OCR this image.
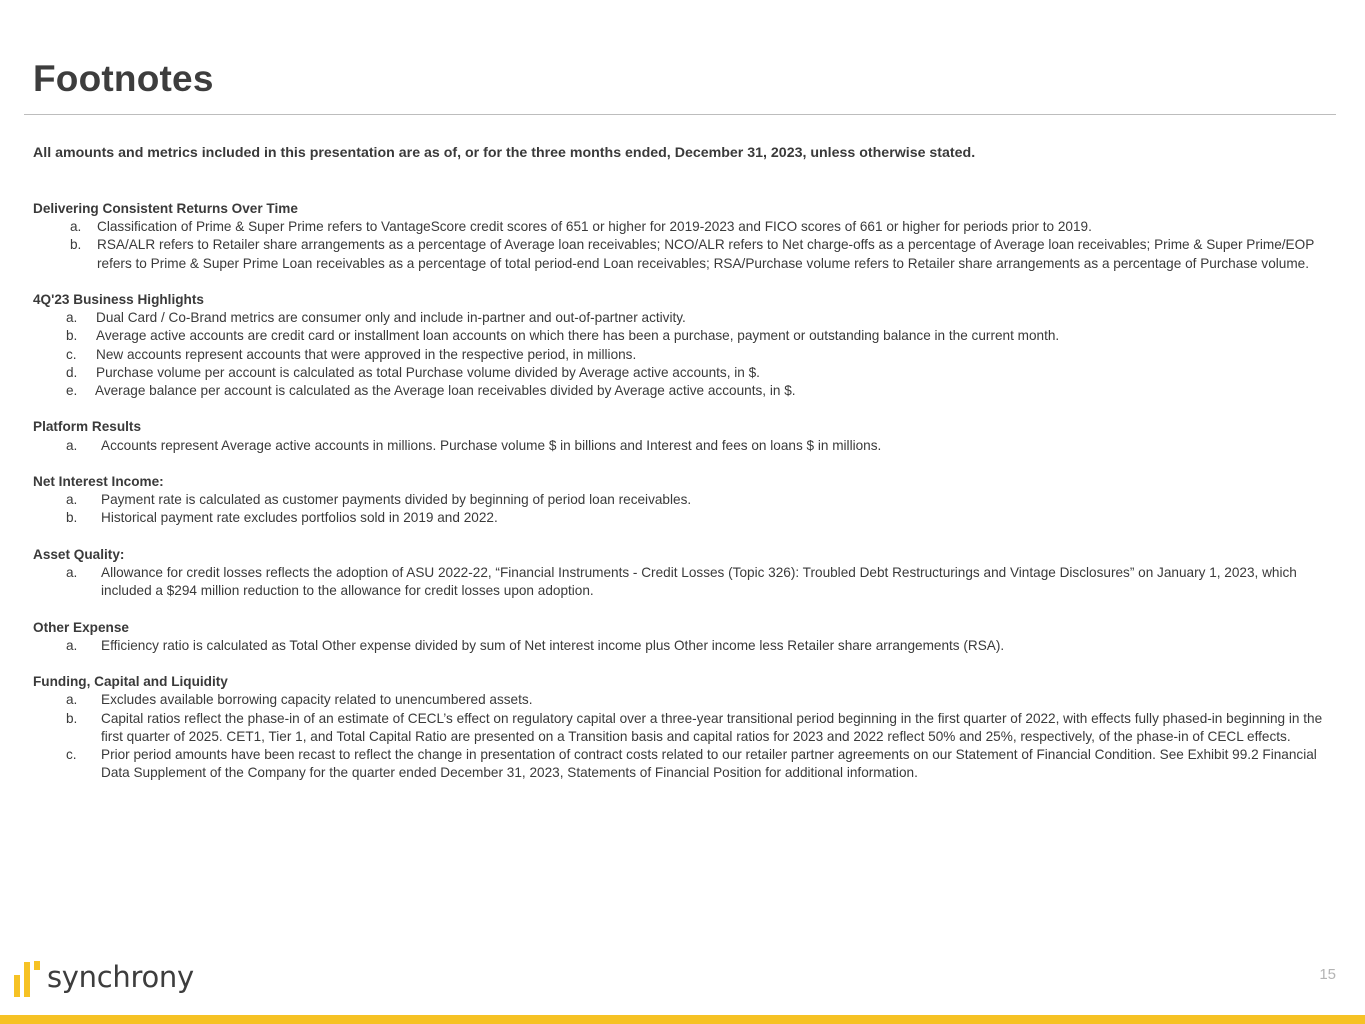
Footnotes
All amounts and metrics included in this presentation are as of, or for the three months ended, December 31, 2023, unless otherwise stated.
Delivering Consistent Returns Over Time
a.	Classification of Prime & Super Prime refers to VantageScore credit scores of 651 or higher for 2019-2023 and FICO scores of 661 or higher for periods prior to 2019.
b.	RSA/ALR refers to Retailer share arrangements as a percentage of Average loan receivables; NCO/ALR refers to Net charge-offs as a percentage of Average loan receivables; Prime & Super Prime/EOP refers to Prime & Super Prime Loan receivables as a percentage of total period-end Loan receivables; RSA/Purchase volume refers to Retailer share arrangements as a percentage of Purchase volume.
4Q'23 Business Highlights
a.	Dual Card / Co-Brand metrics are consumer only and include in-partner and out-of-partner activity.
b.	Average active accounts are credit card or installment loan accounts on which there has been a purchase, payment or outstanding balance in the current month.
c.	New accounts represent accounts that were approved in the respective period, in millions.
d.	Purchase volume per account is calculated as total Purchase volume divided by Average active accounts, in $.
e.	Average balance per account is calculated as the Average loan receivables divided by Average active accounts, in $.
Platform Results
a.	Accounts represent Average active accounts in millions. Purchase volume $ in billions and Interest and fees on loans $ in millions.
Net Interest Income:
a.	Payment rate is calculated as customer payments divided by beginning of period loan receivables.
b.	Historical payment rate excludes portfolios sold in 2019 and 2022.
Asset Quality:
a.	Allowance for credit losses reflects the adoption of ASU 2022-22, “Financial Instruments - Credit Losses (Topic 326): Troubled Debt Restructurings and Vintage Disclosures” on January 1, 2023, which included a $294 million reduction to the allowance for credit losses upon adoption.
Other Expense
a.	Efficiency ratio is calculated as Total Other expense divided by sum of Net interest income plus Other income less Retailer share arrangements (RSA).
Funding, Capital and Liquidity
a.	Excludes available borrowing capacity related to unencumbered assets.
b.	Capital ratios reflect the phase-in of an estimate of CECL’s effect on regulatory capital over a three-year transitional period beginning in the first quarter of 2022, with effects fully phased-in beginning in the first quarter of 2025. CET1, Tier 1, and Total Capital Ratio are presented on a Transition basis and capital ratios for 2023 and 2022 reflect 50% and 25%, respectively, of the phase-in of CECL effects.
c.	Prior period amounts have been recast to reflect the change in presentation of contract costs related to our retailer partner agreements on our Statement of Financial Condition. See Exhibit 99.2 Financial Data Supplement of the Company for the quarter ended December 31, 2023, Statements of Financial Position for additional information.
synchrony	15
